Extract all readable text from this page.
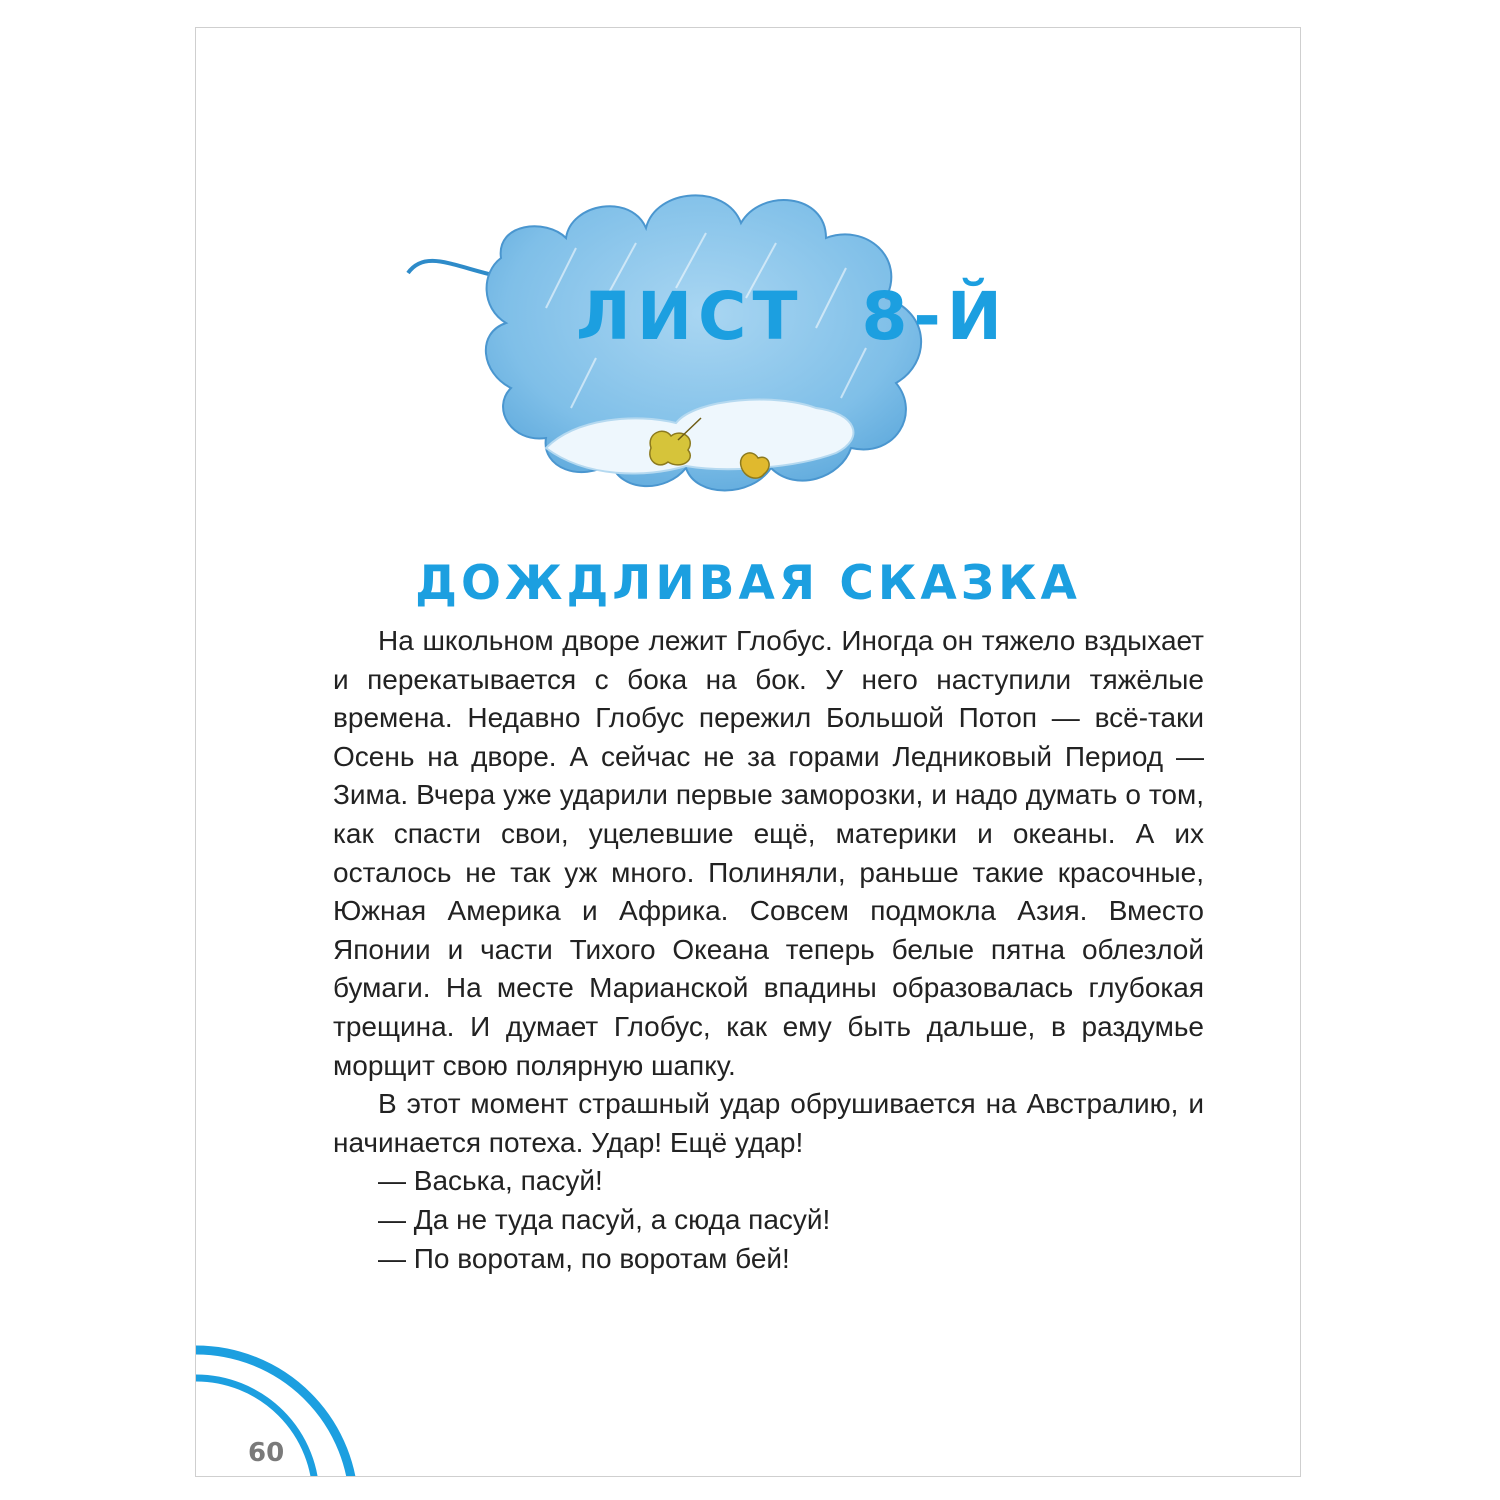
ЛИСТ  8-Й

ДОЖДЛИВАЯ СКАЗКА

На школьном дворе лежит Глобус. Иногда он тяжело вздыхает и перекатывается с бока на бок. У него наступили тяжёлые времена. Недавно Глобус пережил Большой Потоп — всё-таки Осень на дворе. А сейчас не за горами Ледниковый Период — Зима. Вчера уже ударили первые заморозки, и надо думать о том, как спасти свои, уцелевшие ещё, материки и океаны. А их осталось не так уж много. Полиняли, раньше такие красочные, Южная Америка и Африка. Совсем подмокла Азия. Вместо Японии и части Тихого Океана теперь белые пятна облезлой бумаги. На месте Марианской впадины образовалась глубокая трещина. И думает Глобус, как ему быть дальше, в раздумье морщит свою полярную шапку.

В этот момент страшный удар обрушивается на Австралию, и начинается потеха. Удар! Ещё удар!

— Васька, пасуй!

— Да не туда пасуй, а сюда пасуй!

— По воротам, по воротам бей!

60
